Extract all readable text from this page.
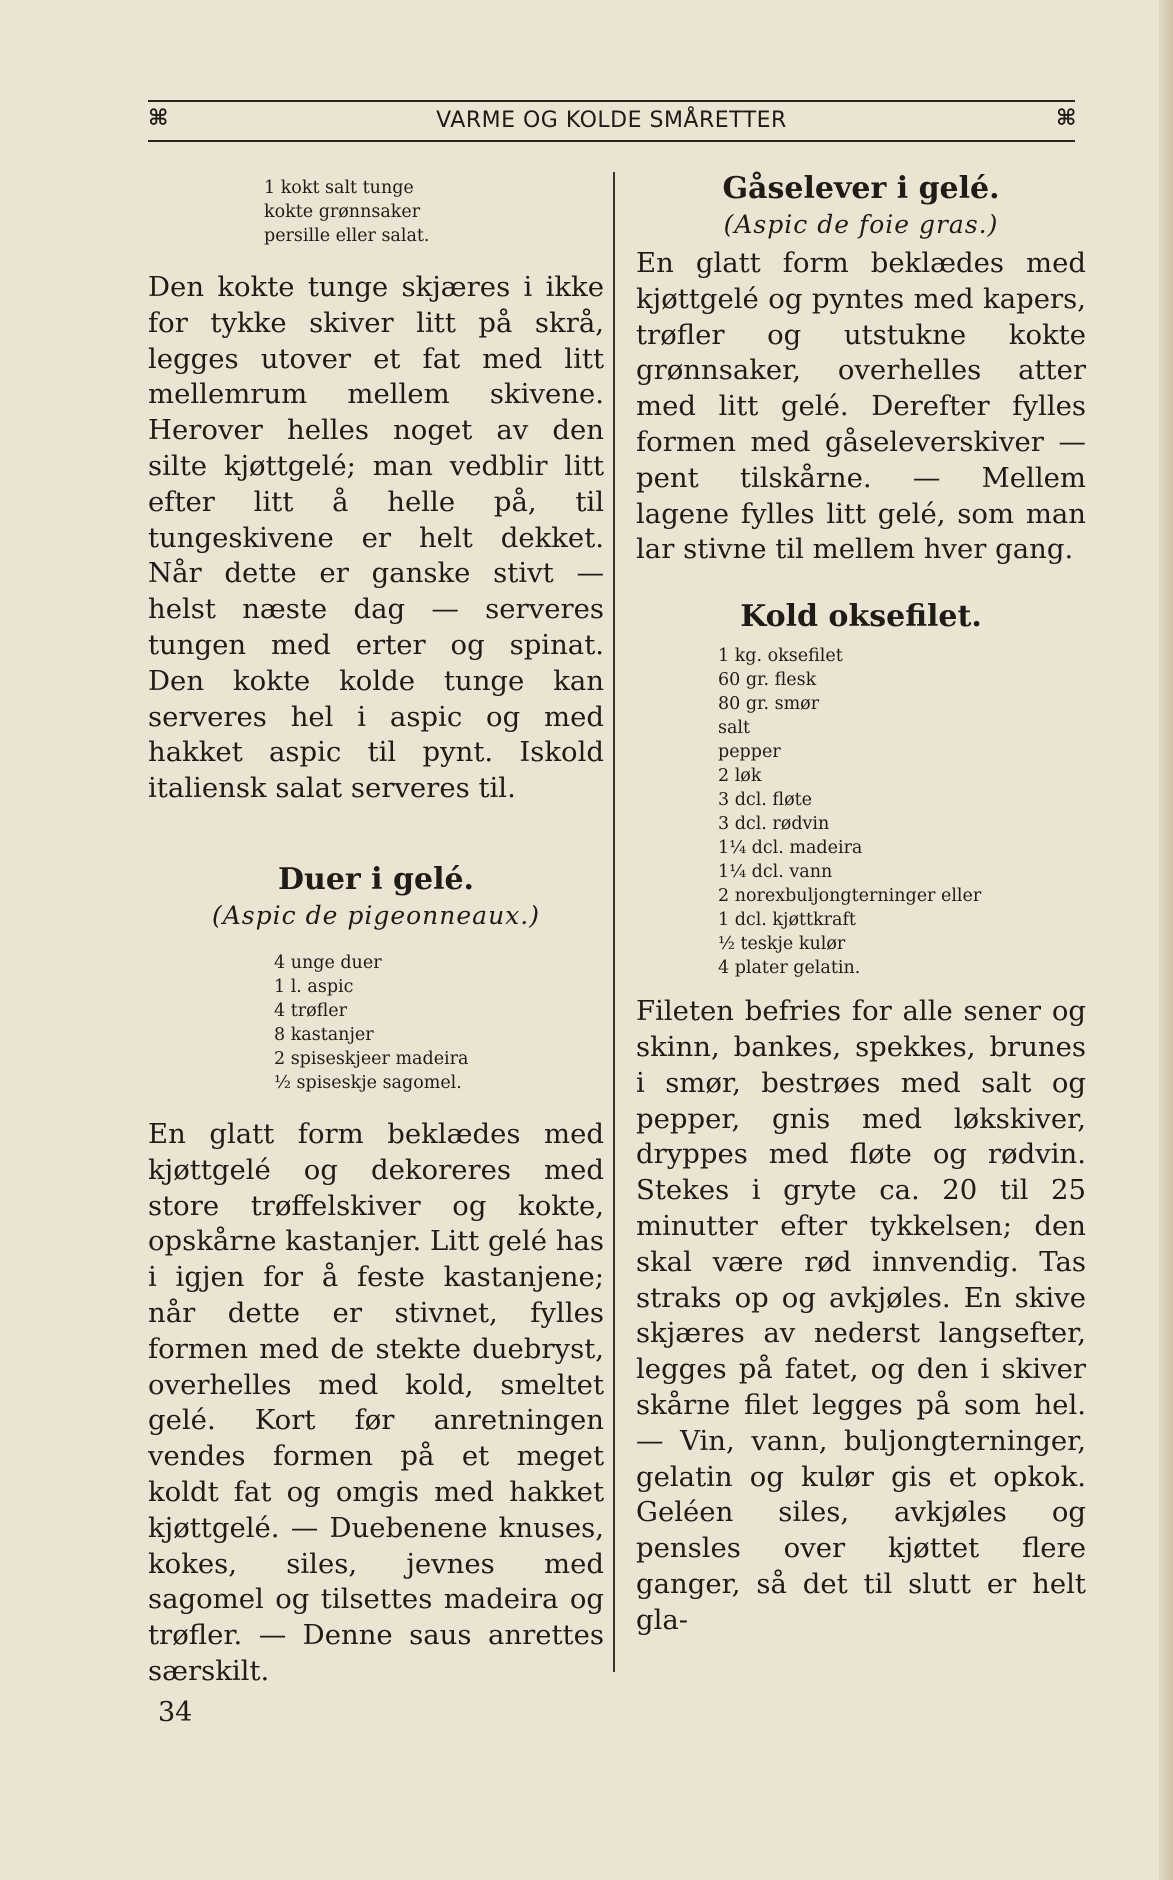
⌘	VARME OG KOLDE SMÅRETTER	⌘
1 kokt salt tunge
kokte grønnsaker
persille eller salat.

Den kokte tunge skjæres i ikke for tykke skiver litt på skrå, legges utover et fat med litt mellemrum mellem skivene. Herover helles noget av den silte kjøttgelé; man vedblir litt efter litt å helle på, til tungeskivene er helt dekket. Når dette er ganske stivt — helst næste dag — serveres tungen med erter og spinat. Den kokte kolde tunge kan serveres hel i aspic og med hakket aspic til pynt. Iskold italiensk salat serveres til.

Duer i gelé.

(Aspic de pigeonneaux.)

4 unge duer
1 l. aspic
4 trøfler
8 kastanjer
2 spiseskjeer madeira
½ spiseskje sagomel.

En glatt form beklædes med kjøttgelé og dekoreres med store trøffelskiver og kokte, opskårne kastanjer. Litt gelé has i igjen for å feste kastanjene; når dette er stivnet, fylles formen med de stekte duebryst, overhelles med kold, smeltet gelé. Kort før anretningen vendes formen på et meget koldt fat og omgis med hakket kjøttgelé. — Duebenene knuses, kokes, siles, jevnes med sagomel og tilsettes madeira og trøfler. — Denne saus anrettes særskilt.

Gåselever i gelé.

(Aspic de foie gras.)

En glatt form beklædes med kjøttgelé og pyntes med kapers, trøfler og utstukne kokte grønnsaker, overhelles atter med litt gelé. Derefter fylles formen med gåseleverskiver — pent tilskårne. — Mellem lagene fylles litt gelé, som man lar stivne til mellem hver gang.

Kold oksefilet.
1 kg. oksefilet
60 gr. flesk
80 gr. smør
salt
pepper
2 løk
3 dcl. fløte
3 dcl. rødvin
1¼ dcl. madeira
1¼ dcl. vann
2 norexbuljongterninger eller
1 dcl. kjøttkraft
½ teskje kulør
4 plater gelatin.

Fileten befries for alle sener og skinn, bankes, spekkes, brunes i smør, bestrøes med salt og pepper, gnis med løkskiver, dryppes med fløte og rødvin. Stekes i gryte ca. 20 til 25 minutter efter tykkelsen; den skal være rød innvendig. Tas straks op og avkjøles. En skive skjæres av nederst langsefter, legges på fatet, og den i skiver skårne filet legges på som hel. — Vin, vann, buljongterninger, gelatin og kulør gis et opkok. Geléen siles, avkjøles og pensles over kjøttet flere ganger, så det til slutt er helt gla-

34
